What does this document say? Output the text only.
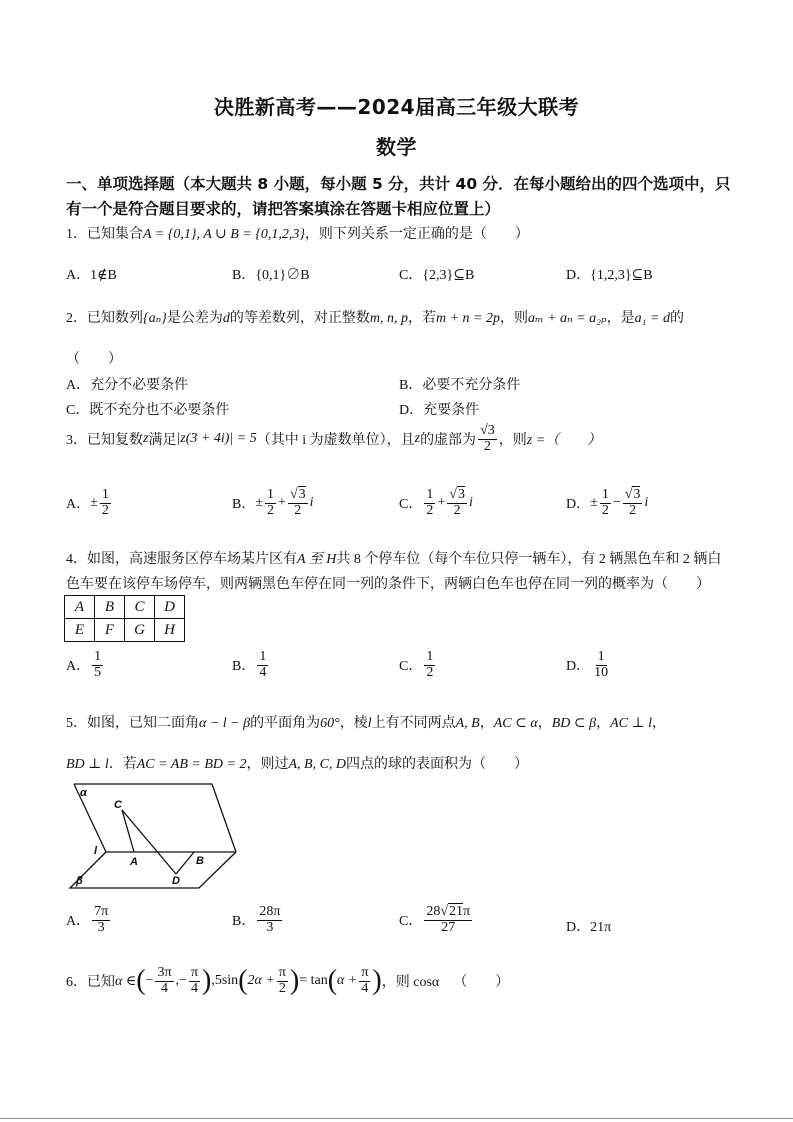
决胜新高考——2024届高三年级大联考
数学
一、单项选择题（本大题共 8 小题，每小题 5 分，共计 40 分．在每小题给出的四个选项中，只
有一个是符合题目要求的，请把答案填涂在答题卡相应位置上）
1．已知集合A = {0,1}, A ∪ B = {0,1,2,3}，则下列关系一定正确的是（　　）
A．1∉B	B．{0,1}∅B	C．{2,3}⊆B	D．{1,2,3}⊆B
2．已知数列{aₙ}是公差为d的等差数列，对正整数m, n, p，若m + n = 2p，则aₘ + aₙ = a₂ₚ，是a₁ = d的
（　　）
A．充分不必要条件	B．必要不充分条件
C．既不充分也不必要条件	D．充要条件
3．已知复数 z 满足 |z(3 + 4i)| = 5 （其中 i 为虚数单位），且 z 的虚部为 $\frac{√3}{2}$ ，则 z =（　　）
A． ± $\frac{1}{2}$	B． ± $\frac{1}{2} + \frac{√3}{2}$ i	C． $\frac{1}{2} + \frac{√3}{2}$ i	D． ± $\frac{1}{2} - \frac{√3}{2}$ i
4．如图，高速服务区停车场某片区有A 至 H共 8 个停车位（每个车位只停一辆车），有 2 辆黑色车和 2 辆白
色车要在该停车场停车，则两辆黑色车停在同一列的条件下，两辆白色车也停在同一列的概率为（　　）
A	B	C	D
E	F	G	H
A． $\frac{1}{5}$	B． $\frac{1}{4}$	C． $\frac{1}{2}$	D． $\frac{1}{10}$
5．如图，已知二面角α − l − β的平面角为60°，棱l上有不同两点A, B，AC ⊂ α，BD ⊂ β，AC ⊥ l，
BD ⊥ l．若AC = AB = BD = 2，则过A, B, C, D四点的球的表面积为（　　）
α
β
l
C
A	B
D
A． $\frac{7\pi}{3}$	B． $\frac{28\pi}{3}$	C． $\frac{28√21\pi}{27}$	D．21π
6．已知 α ∈ ( − $\frac{3\pi}{4}$ , − $\frac{\pi}{4}$ ) , 5sin ( $2\alpha + \frac{\pi}{2}$ ) = tan ( $\alpha + \frac{\pi}{4}$ ) ，则 cosα （　　）
